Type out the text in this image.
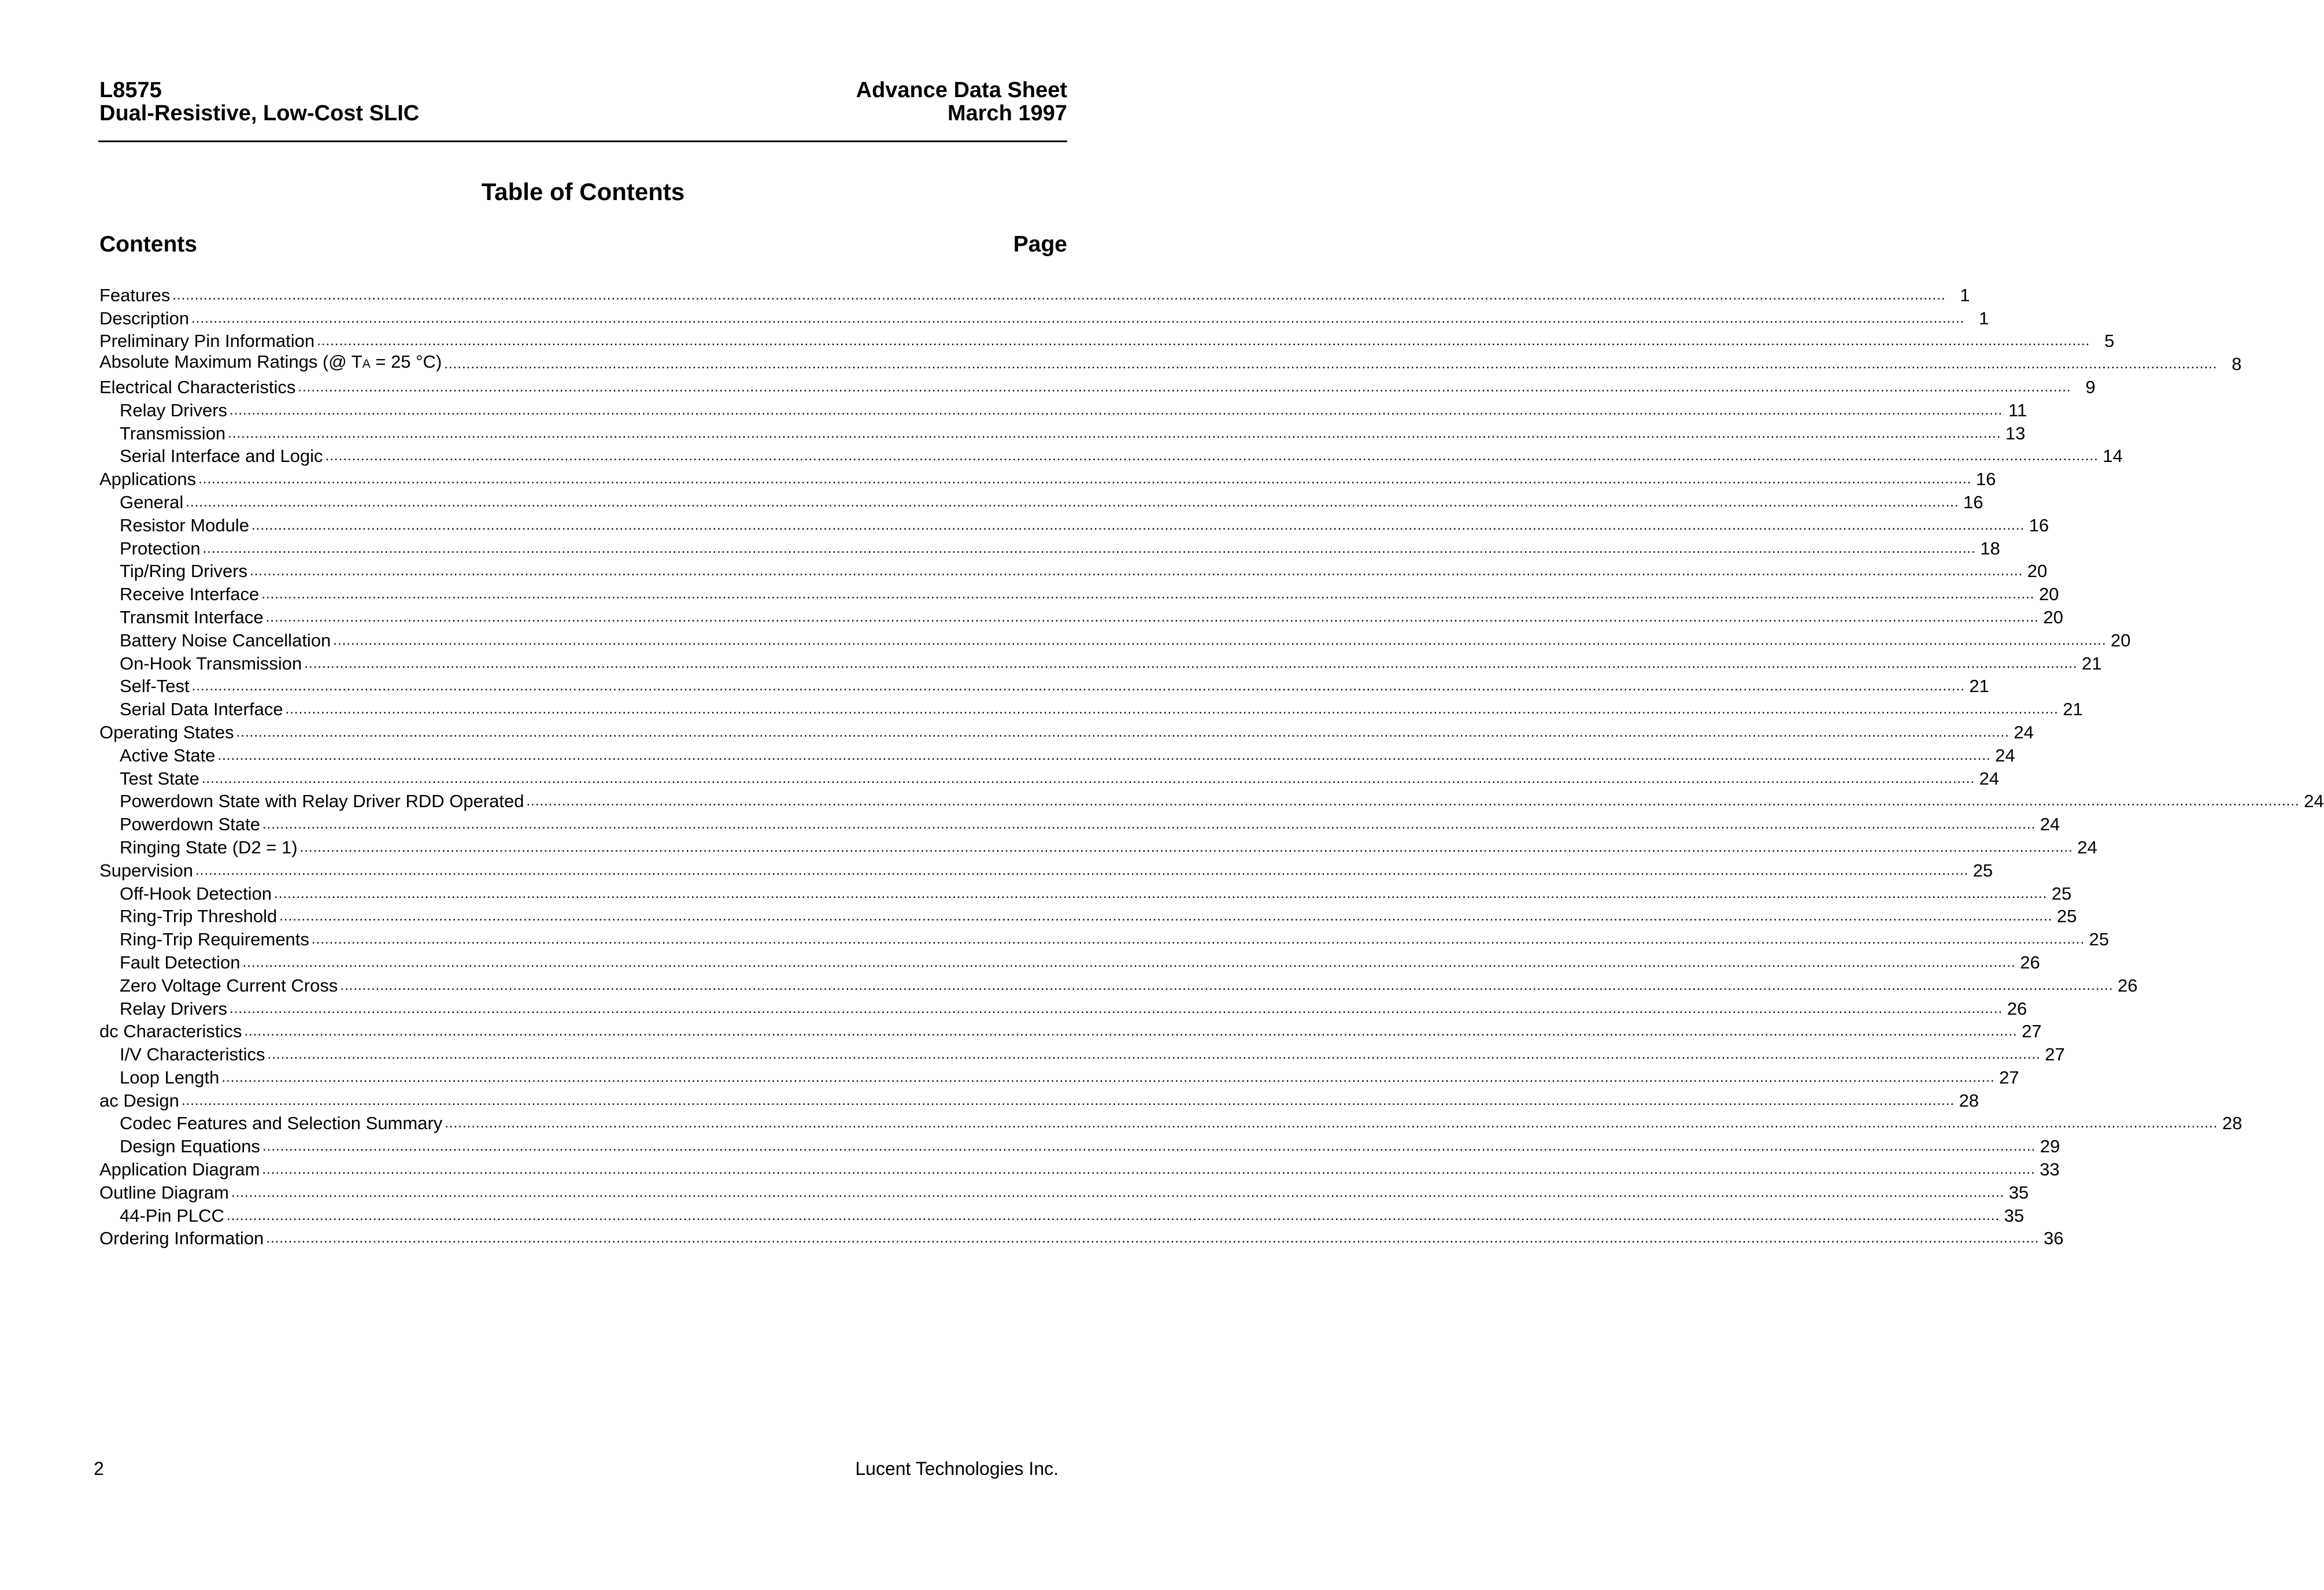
L8575
Dual-Resistive, Low-Cost SLIC
Advance Data Sheet
March 1997
Table of Contents
Contents	Page
Features ................................................................................................................................................................................................................................................................................................................................................................................................................ 1
Description ................................................................................................................................................................................................................................................................................................................................................................................................................ 1
Preliminary Pin Information ................................................................................................................................................................................................................................................................................................................................................................................................................ 5
Absolute Maximum Ratings (@ TA = 25 °C) ................................................................................................................................................................................................................................................................................................................................................................................................................ 8
Electrical Characteristics ................................................................................................................................................................................................................................................................................................................................................................................................................ 9
Relay Drivers ................................................................................................................................................................................................................................................................................................................................................................................................................ 11
Transmission ................................................................................................................................................................................................................................................................................................................................................................................................................ 13
Serial Interface and Logic ................................................................................................................................................................................................................................................................................................................................................................................................................ 14
Applications ................................................................................................................................................................................................................................................................................................................................................................................................................ 16
General ................................................................................................................................................................................................................................................................................................................................................................................................................ 16
Resistor Module ................................................................................................................................................................................................................................................................................................................................................................................................................ 16
Protection ................................................................................................................................................................................................................................................................................................................................................................................................................ 18
Tip/Ring Drivers ................................................................................................................................................................................................................................................................................................................................................................................................................ 20
Receive Interface ................................................................................................................................................................................................................................................................................................................................................................................................................ 20
Transmit Interface ................................................................................................................................................................................................................................................................................................................................................................................................................ 20
Battery Noise Cancellation ................................................................................................................................................................................................................................................................................................................................................................................................................ 20
On-Hook Transmission ................................................................................................................................................................................................................................................................................................................................................................................................................ 21
Self-Test ................................................................................................................................................................................................................................................................................................................................................................................................................ 21
Serial Data Interface ................................................................................................................................................................................................................................................................................................................................................................................................................ 21
Operating States ................................................................................................................................................................................................................................................................................................................................................................................................................ 24
Active State ................................................................................................................................................................................................................................................................................................................................................................................................................ 24
Test State ................................................................................................................................................................................................................................................................................................................................................................................................................ 24
Powerdown State with Relay Driver RDD Operated ................................................................................................................................................................................................................................................................................................................................................................................................................ 24
Powerdown State ................................................................................................................................................................................................................................................................................................................................................................................................................ 24
Ringing State (D2 = 1) ................................................................................................................................................................................................................................................................................................................................................................................................................ 24
Supervision ................................................................................................................................................................................................................................................................................................................................................................................................................ 25
Off-Hook Detection ................................................................................................................................................................................................................................................................................................................................................................................................................ 25
Ring-Trip Threshold ................................................................................................................................................................................................................................................................................................................................................................................................................ 25
Ring-Trip Requirements ................................................................................................................................................................................................................................................................................................................................................................................................................ 25
Fault Detection ................................................................................................................................................................................................................................................................................................................................................................................................................ 26
Zero Voltage Current Cross ................................................................................................................................................................................................................................................................................................................................................................................................................ 26
Relay Drivers ................................................................................................................................................................................................................................................................................................................................................................................................................ 26
dc Characteristics ................................................................................................................................................................................................................................................................................................................................................................................................................ 27
I/V Characteristics ................................................................................................................................................................................................................................................................................................................................................................................................................ 27
Loop Length ................................................................................................................................................................................................................................................................................................................................................................................................................ 27
ac Design ................................................................................................................................................................................................................................................................................................................................................................................................................ 28
Codec Features and Selection Summary ................................................................................................................................................................................................................................................................................................................................................................................................................ 28
Design Equations ................................................................................................................................................................................................................................................................................................................................................................................................................ 29
Application Diagram ................................................................................................................................................................................................................................................................................................................................................................................................................ 33
Outline Diagram ................................................................................................................................................................................................................................................................................................................................................................................................................ 35
44-Pin PLCC ................................................................................................................................................................................................................................................................................................................................................................................................................ 35
Ordering Information ................................................................................................................................................................................................................................................................................................................................................................................................................ 36
2	Lucent Technologies Inc.
